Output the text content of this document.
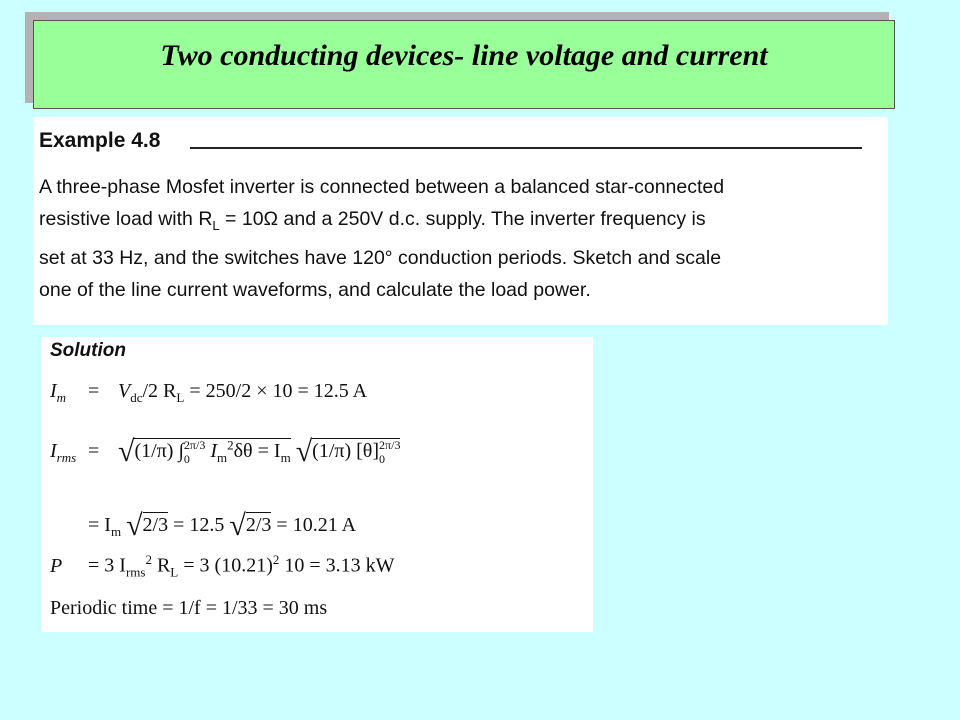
Two conducting devices- line voltage and current
Example 4.8
A three-phase Mosfet inverter is connected between a balanced star-connected
resistive load with $R_L = 10\Omega$ and a 250V d.c. supply. The inverter frequency is
set at 33 Hz, and the switches have 120° conduction periods. Sketch and scale
one of the line current waveforms, and calculate the load power.
Solution
$I_m = V_{dc}/2$ $R_L = 250/2 \times 10 = 12.5$ A
$I_{rms} = √(1/\pi)$ ∫ 2π/3
0	$I_m^2\delta\theta = I_m$ √(1/π) [θ] 2π/3
0
= $I_m$ √2/3 = 12.5 √2/3 = 10.21 A
P = 3 $I_{rms}^2$ $R_L = 3$ $(10.21)^2$ 10 = 3.13 kW
Periodic time = 1/f = 1/33 = 30 ms
